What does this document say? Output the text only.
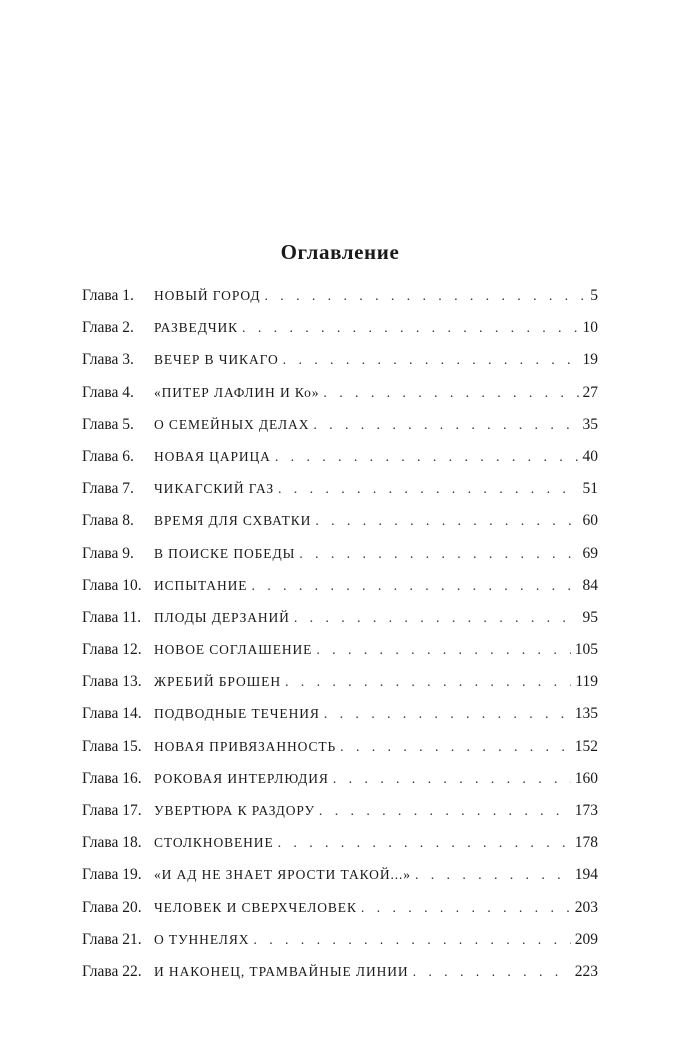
Оглавление
Глава 1.	НОВЫЙ ГОРОД . . .	5
Глава 2.	РАЗВЕДЧИК . . .	10
Глава 3.	ВЕЧЕР В ЧИКАГО . . .	19
Глава 4.	«ПИТЕР ЛАФЛИН И Ко» . . .	27
Глава 5.	О СЕМЕЙНЫХ ДЕЛАХ . . .	35
Глава 6.	НОВАЯ ЦАРИЦА . . .	40
Глава 7.	ЧИКАГСКИЙ ГАЗ . . .	51
Глава 8.	ВРЕМЯ ДЛЯ СХВАТКИ . . .	60
Глава 9.	В ПОИСКЕ ПОБЕДЫ . . .	69
Глава 10. ИСПЫТАНИЕ . . .	84
Глава 11. ПЛОДЫ ДЕРЗАНИЙ . . .	95
Глава 12. НОВОЕ СОГЛАШЕНИЕ . . .	105
Глава 13. ЖРЕБИЙ БРОШЕН . . .	119
Глава 14. ПОДВОДНЫЕ ТЕЧЕНИЯ . . .	135
Глава 15. НОВАЯ ПРИВЯЗАННОСТЬ . . .	152
Глава 16. РОКОВАЯ ИНТЕРЛЮДИЯ . . .	160
Глава 17. УВЕРТЮРА К РАЗДОРУ . . .	173
Глава 18. СТОЛКНОВЕНИЕ . . .	178
Глава 19. «И АД НЕ ЗНАЕТ ЯРОСТИ ТАКОЙ...» . . .	194
Глава 20. ЧЕЛОВЕК И СВЕРХЧЕЛОВЕК . . .	203
Глава 21. О ТУННЕЛЯХ . . .	209
Глава 22. И НАКОНЕЦ, ТРАМВАЙНЫЕ ЛИНИИ . . .	223
